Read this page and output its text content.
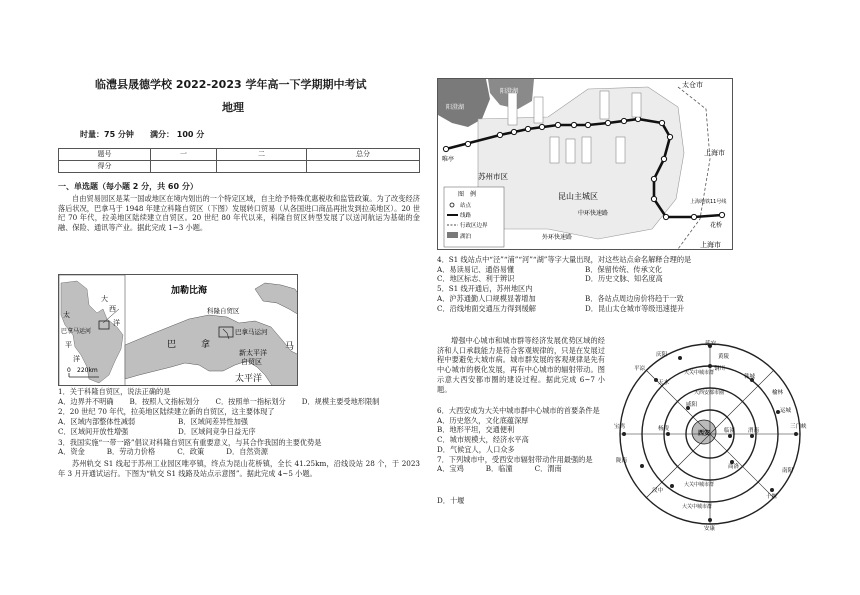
临澧县晟德学校 2022-2023 学年高一下学期期中考试
地理
时量：75 分钟 满分： 100 分
题号	一	二	总分
得分			
一、单选题（每小题 2 分，共 60 分）
自由贸易园区是某一国或地区在境内划出的一个特定区域，自主给予特殊优惠税收和监管政策。为了改变经济落后状况，巴拿马于 1948 年建立科隆自贸区（下图）发展转口贸易（从各国进口商品再批发到拉美地区）。20 世纪 70 年代，拉美地区陆续建立自贸区。20 世纪 80 年代以来，科隆自贸区转型发展了以送河航运为基础的金融、保险、通讯等产业。据此完成 1~3 小题。
大
西
洋
太
巴拿马运河
平
洋
0 220km
加勒比海
科隆自贸区
巴拿马运河
巴	拿
新太平洋
自贸区
马
太平洋
1．关于科隆自贸区，说法正确的是
A．边界并不明确 B．按照人文指标划分 C．按照单一指标划分 D．规模主要受地形限制
2．20 世纪 70 年代，拉美地区陆续建立新的自贸区，这主要体现了
A．区域内部整体性减弱	B．区域间差异性加强
C．区域间开放性增强	D．区域间竞争日益无序
3．我国实施“一带一路”倡议对科隆自贸区有重要意义，与其合作我国的主要优势是
A．资金	B．劳动力价格	C．政策	D．自然资源
苏州轨交 S1 线起于苏州工业园区唯亭镇，终点为昆山花桥镇，全长 41.25km，沿线设站 28 个，于 2023 年 3 月开通试运行。下图为“轨交 S1 线路及站点示意图”。据此完成 4~5 小题。
太仓市
苏州市区
昆山主城区
上海市
上海市
中环快速路
外环快速路
唯亭
花桥
阳澄湖
阳澄湖
上海地铁11号线
图　例
站点
线路
行政区边界
湖泊
4．S1 线站点中“泾”“浦”“河”“湖”等字大量出现，对这些站点命名解释合理的是
A．易读易记、通俗易懂	B．保留传统、传承文化
C．地区标志、利于辨识	D．历史文脉、知名度高
5．S1 线开通后，苏州地区内
A．沪苏通勤人口规模显著增加	B．各站点周边房价将趋于一致
C．沿线地面交通压力得到缓解	D．昆山太仓城市等级迅速提升
增强中心城市和城市群等经济发展优势区域的经济和人口承载能力是符合客观规律的，只是在发展过程中要避免大城市病。城市群发展的客观规律是先有中心城市的极化发展，再有中心城市的辐射带动。图示意大西安都市圈的建设过程。据此完成 6~7 小题。
6．大西安成为大关中城市群中心城市的首要条件是
A．历史悠久，文化底蕴深厚
B．地形平坦，交通便利
C．城市规模大，经济水平高
D．气候宜人，人口众多
7．下列城市中，受西安市辐射带动作用最强的是
A．宝鸡	B．临潼	C．渭南
D．十堰
延安
黄陵
铜川
韩城
榆林
运城
庆阳
平凉
天水
宝鸡	杨凌
咸阳
西安	临潼 渭南
三门峡
商洛
陇南
汉中
安康
十堰
南阳
大西安都市圈
大关中城市群
大关中城市群
大关中城市群
